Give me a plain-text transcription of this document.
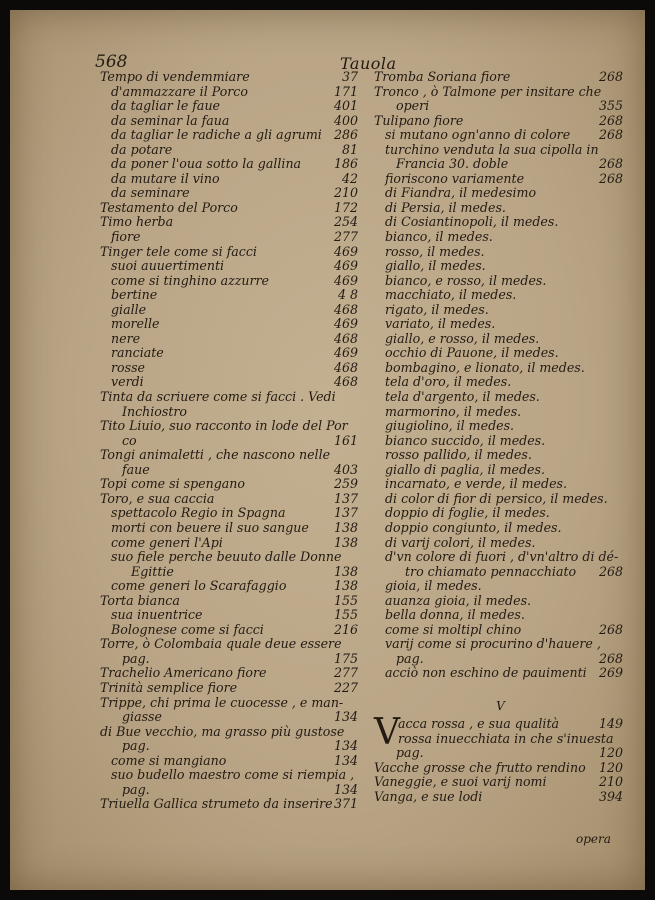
568	Tauola
Tempo di vendemmiare	37
d'ammazzare il Porco	171
da tagliar le faue	401
da seminar la faua	400
da tagliar le radiche a gli agrumi 286
da potare	81
da poner l'oua sotto la gallina	186
da mutare il vino	42
da seminare	210
Testamento del Porco	172
Timo herba	254
fiore	277
Tinger tele come si facci	469
suoi auuertimenti	469
come si tinghino azzurre	469
bertine	4 8
gialle	468
morelle	469
nere	468
ranciate	469
rosse	468
verdi	468
Tinta da scriuere come si facci . Vedi
Inchiostro
Tito Liuio, suo racconto in lode del Por
co	161
Tongi animaletti , che nascono nelle
faue	403
Topi come si spengano	259
Toro, e sua caccia	137
spettacolo Regio in Spagna	137
morti con beuere il suo sangue 138
come generi l'Api	138
suo fiele perche beuuto dalle Donne
Egittie	138
come generi lo Scarafaggio	138
Torta bianca	155
sua inuentrice	155
Bolognese come si facci	216
Torre, ò Colombaia quale deue essere
pag.	175
Trachelio Americano fiore	277
Trinità semplice fiore	227
Trippe, chi prima le cuocesse , e man-
giasse	134
di Bue vecchio, ma grasso più gustose
pag.	134
come si mangiano	134
suo budello maestro come si riempia ,
pag.	134
Triuella Gallica strumeto da inserire 371
Tromba Soriana fiore	268
Tronco , ò Talmone per insitare che
operi	355
Tulipano fiore	268
si mutano ogn'anno di colore 268
turchino venduta la sua cipolla in
Francia 30. doble	268
fioriscono variamente	268
di Fiandra, il medesimo
di Persia, il medes.
di Cosiantinopoli, il medes.
bianco, il medes.
rosso, il medes.
giallo, il medes.
bianco, e rosso, il medes.
macchiato, il medes.
rigato, il medes.
variato, il medes.
giallo, e rosso, il medes.
occhio di Pauone, il medes.
bombagino, e lionato, il medes.
tela d'oro, il medes.
tela d'argento, il medes.
marmorino, il medes.
giugiolino, il medes.
bianco succido, il medes.
rosso pallido, il medes.
giallo di paglia, il medes.
incarnato, e verde, il medes.
di color di fior di persico, il medes.
doppio di foglie, il medes.
doppio congiunto, il medes.
di varij colori, il medes.
d'vn colore di fuori , d'vn'altro di dé-
tro chiamato pennacchiato 268
gioia, il medes.
auanza gioia, il medes.
bella donna, il medes.
come si moltipl chino	268
varij come si procurino d'hauere ,
pag.	268
acciò non eschino de pauimenti 269
V
V
acca rossa , e sua qualità	149
rossa inuecchiata in che s'inuesta
pag.	120
Vacche grosse che frutto rendino 120
Vaneggie, e suoi varij nomi	210
Vanga, e sue lodi	394
opera
